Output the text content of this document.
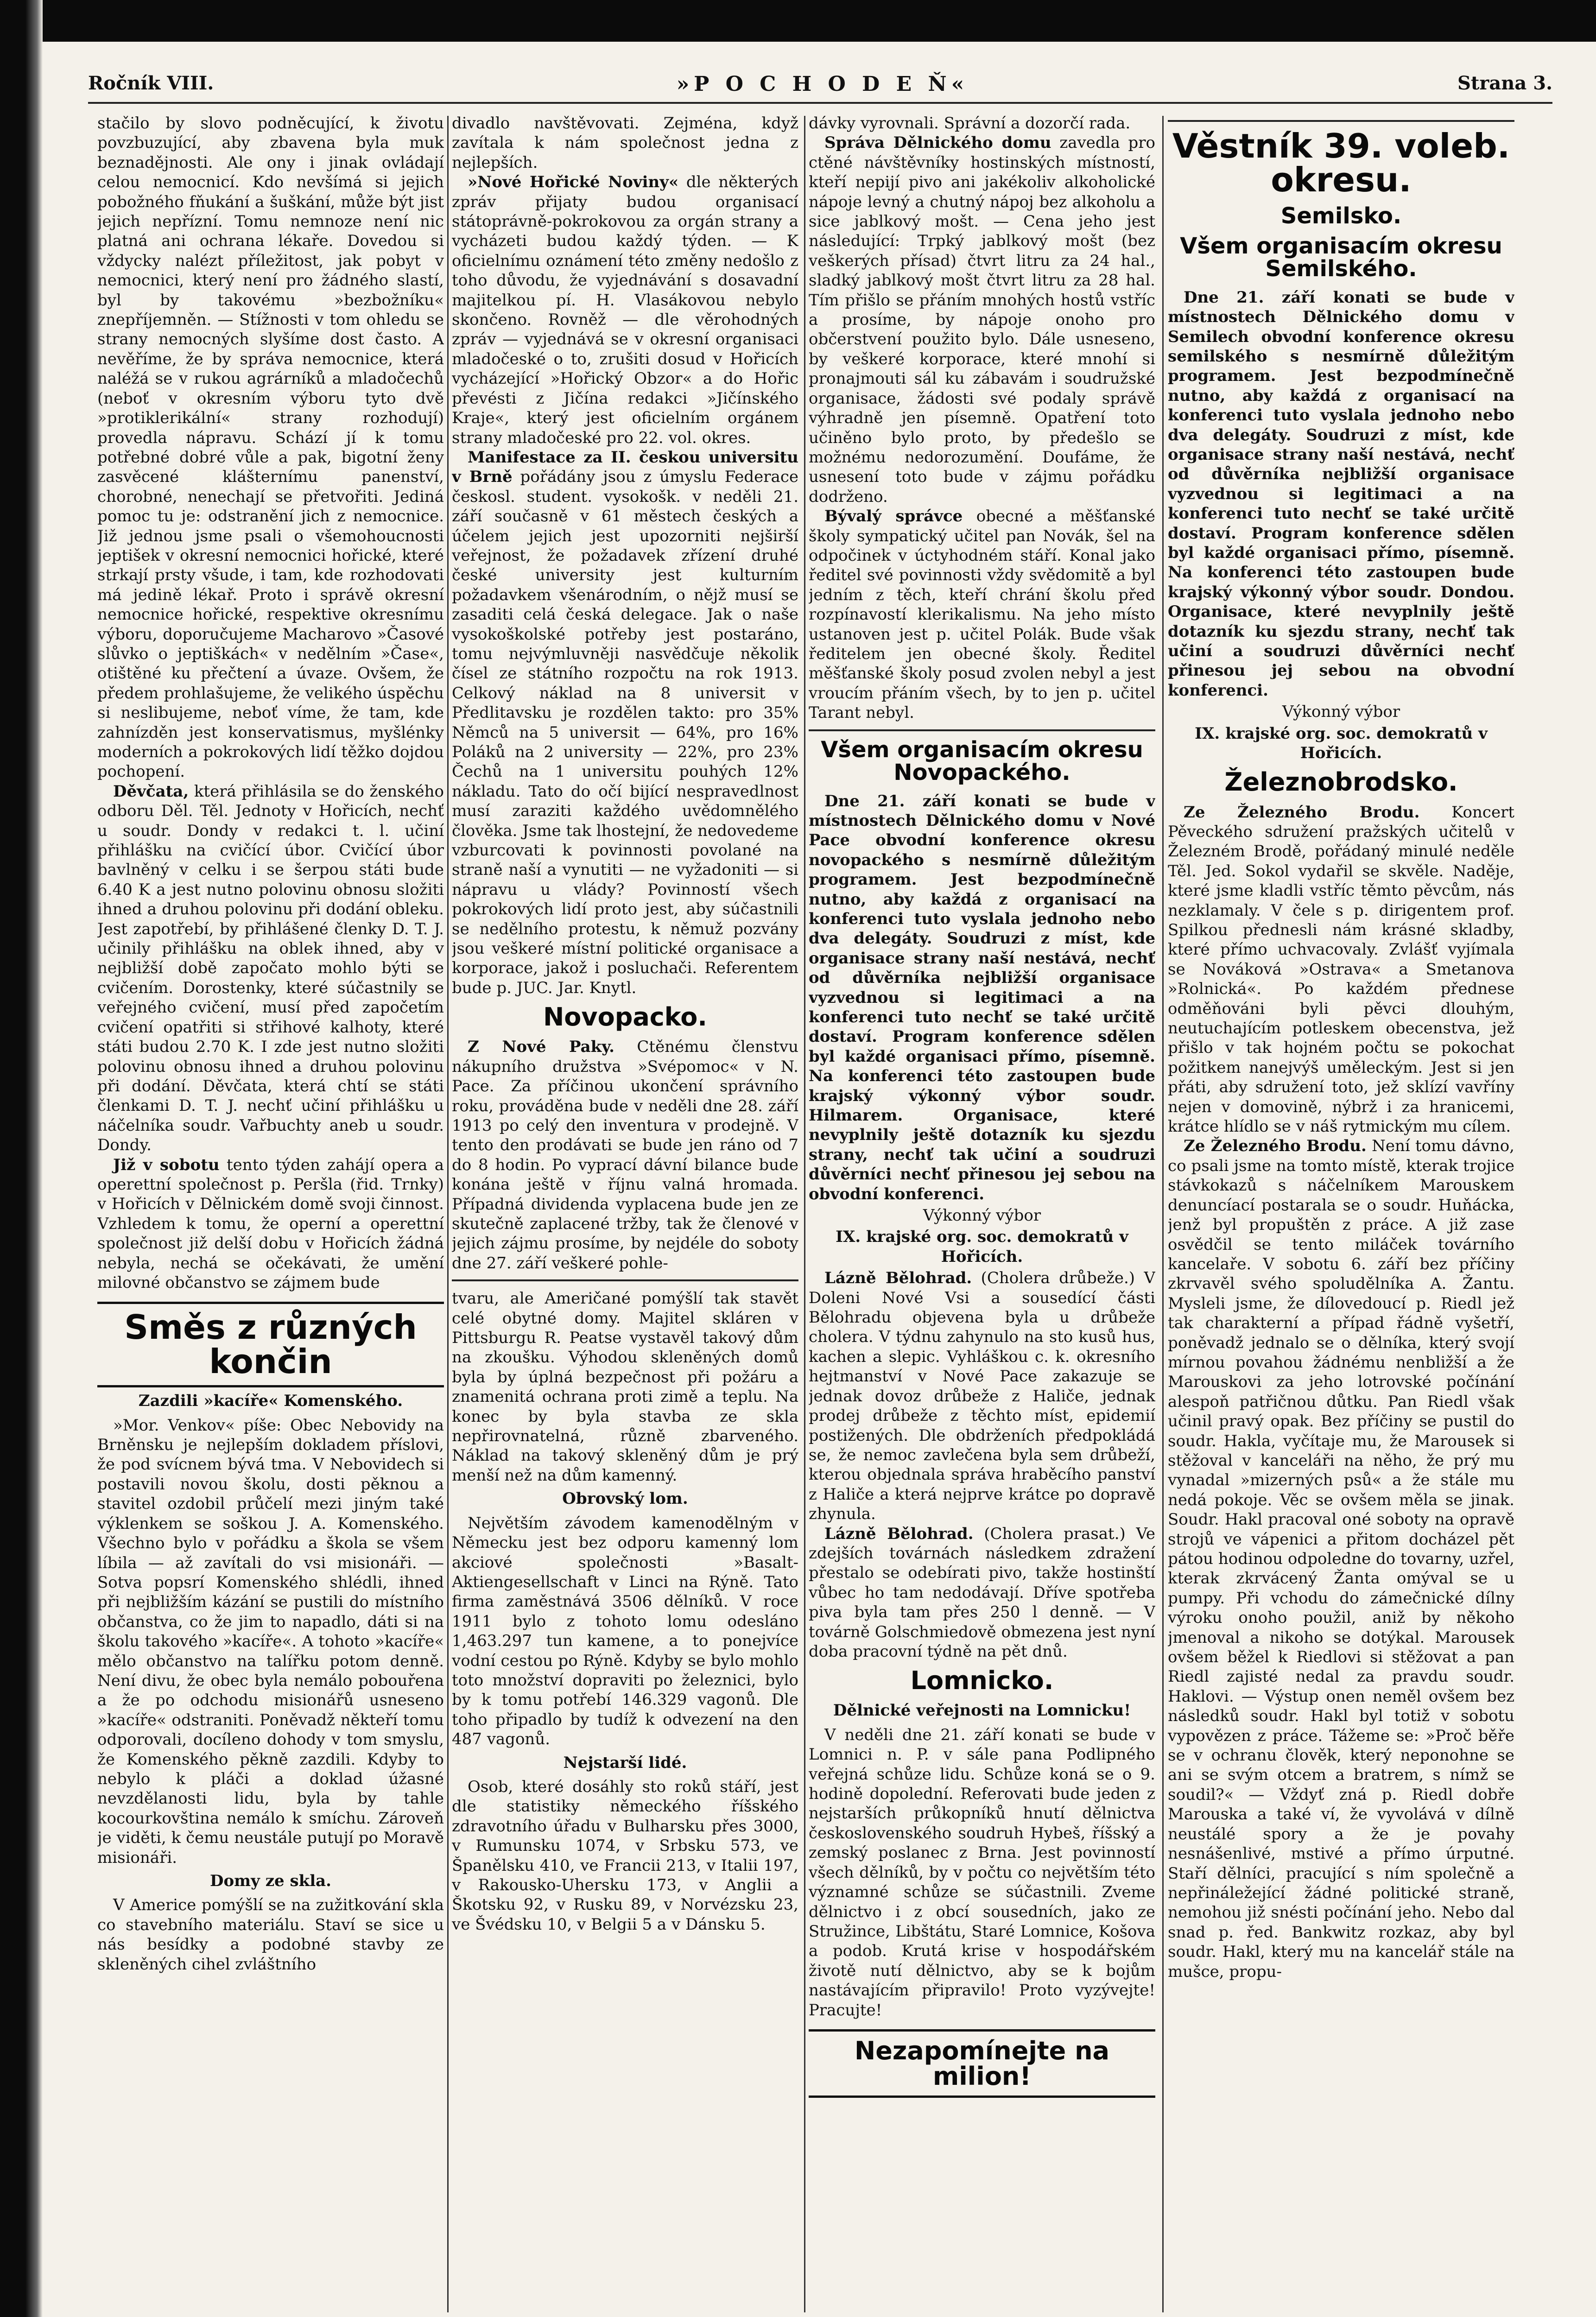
Ročník VIII.	»P O C H O D E Ň«	Strana 3.

stačilo by slovo podněcující, k životu povzbuzující, aby zbavena byla muk beznadějnosti. Ale ony i jinak ovládají celou nemocnicí. Kdo nevšímá si jejich pobožného fňukání a šuškání, může být jist jejich nepřízní. Tomu nemnoze není nic platná ani ochrana lékaře. Dovedou si vždycky nalézt příležitost, jak pobyt v nemocnici, který není pro žádného slastí, byl by takovému »bezbožníku« znepříjemněn. — Stížnosti v tom ohledu se strany nemocných slyšíme dost často. A nevěříme, že by správa nemocnice, která naléžá se v rukou agrárníků a mladočechů (neboť v okresním výboru tyto dvě »protiklerikální« strany rozhodují) provedla nápravu. Schází jí k tomu potřebné dobré vůle a pak, bigotní ženy zasvěcené klášternímu panenství, chorobné, nenechají se přetvořiti. Jediná pomoc tu je: odstranění jich z nemocnice. Již jednou jsme psali o všemohoucnosti jeptišek v okresní nemocnici hořické, které strkají prsty všude, i tam, kde rozhodovati má jedině lékař. Proto i správě okresní nemocnice hořické, respektive okresnímu výboru, doporučujeme Macharovo »Časové slůvko o jeptiškách« v nedělním »Čase«, otištěné ku přečtení a úvaze. Ovšem, že předem prohlašujeme, že velikého úspěchu si neslibujeme, neboť víme, že tam, kde zahnízděn jest konservatismus, myšlénky moderních a pokrokových lidí těžko dojdou pochopení.

Děvčata, která přihlásila se do ženského odboru Děl. Těl. Jednoty v Hořicích, nechť u soudr. Dondy v redakci t. l. učiní přihlášku na cvičící úbor. Cvičící úbor bavlněný v celku i se šerpou státi bude 6.40 K a jest nutno polovinu obnosu složiti ihned a druhou polovinu při dodání obleku. Jest zapotřebí, by přihlášené členky D. T. J. učinily přihlášku na oblek ihned, aby v nejbližší době započato mohlo býti se cvičením. Dorostenky, které súčastnily se veřejného cvičení, musí před započetím cvičení opatřiti si střihové kalhoty, které státi budou 2.70 K. I zde jest nutno složiti polovinu obnosu ihned a druhou polovinu při dodání. Děvčata, která chtí se státi členkami D. T. J. nechť učiní přihlášku u náčelníka soudr. Vařbuchty aneb u soudr. Dondy.

Již v sobotu tento týden zahájí opera a operettní společnost p. Peršla (řid. Trnky) v Hořicích v Dělnickém domě svoji činnost. Vzhledem k tomu, že operní a operettní společnost již delší dobu v Hořicích žádná nebyla, nechá se očekávati, že umění milovné občanstvo se zájmem bude

Směs z různých končin
Zazdili »kacíře« Komenského.

»Mor. Venkov« píše: Obec Nebovidy na Brněnsku je nejlepším dokladem příslovi, že pod svícnem bývá tma. V Nebovidech si postavili novou školu, dosti pěknou a stavitel ozdobil průčelí mezi jiným také výklenkem se soškou J. A. Komenského. Všechno bylo v pořádku a škola se všem líbila — až zavítali do vsi misionáři. — Sotva popsrí Komenského shlédli, ihned při nejbližším kázání se pustili do místního občanstva, co že jim to napadlo, dáti si na školu takového »kacíře«. A tohoto »kacíře« mělo občanstvo na talířku potom denně. Není divu, že obec byla nemálo pobouřena a že po odchodu misionářů usneseno »kacíře« odstraniti. Poněvadž někteří tomu odporovali, docíleno dohody v tom smyslu, že Komenského pěkně zazdili. Kdyby to nebylo k pláči a doklad úžasné nevzdělanosti lidu, byla by tahle kocourkovština nemálo k smíchu. Zároveň je viděti, k čemu neustále putují po Moravě misionáři.

Domy ze skla.

V Americe pomýšlí se na zužitkování skla co stavebního materiálu. Staví se sice u nás besídky a podobné stavby ze skleněných cihel zvláštního

divadlo navštěvovati. Zejména, když zavítala k nám společnost jedna z nejlepších.

»Nové Hořické Noviny« dle některých zpráv přijaty budou organisací státoprávně-pokrokovou za orgán strany a vycházeti budou každý týden. — K oficielnímu oznámení této změny nedošlo z toho důvodu, že vyjednávání s dosavadní majitelkou pí. H. Vlasákovou nebylo skončeno. Rovněž — dle věrohodných zpráv — vyjednává se v okresní organisaci mladočeské o to, zrušiti dosud v Hořicích vycházející »Hořický Obzor« a do Hořic převésti z Jičína redakci »Jičínského Kraje«, který jest oficielním orgánem strany mladočeské pro 22. vol. okres.

Manifestace za II. českou universitu v Brně pořádány jsou z úmyslu Federace českosl. student. vysokošk. v neděli 21. září současně v 61 městech českých a účelem jejich jest upozorniti nejširší veřejnost, že požadavek zřízení druhé české university jest kulturním požadavkem všenárodním, o nějž musí se zasaditi celá česká delegace. Jak o naše vysokoškolské potřeby jest postaráno, tomu nejvýmluvněji nasvědčuje několik čísel ze státního rozpočtu na rok 1913. Celkový náklad na 8 universit v Předlitavsku je rozdělen takto: pro 35% Němců na 5 universit — 64%, pro 16% Poláků na 2 university — 22%, pro 23% Čechů na 1 universitu pouhých 12% nákladu. Tato do očí bijící nespravedlnost musí zaraziti každého uvědomnělého člověka. Jsme tak lhostejní, že nedovedeme vzburcovati k povinnosti povolané na straně naší a vynutiti — ne vyžadoniti — si nápravu u vlády? Povinností všech pokrokových lidí proto jest, aby súčastnili se nedělního protestu, k němuž pozvány jsou veškeré místní politické organisace a korporace, jakož i posluchači. Referentem bude p. JUC. Jar. Knytl.

Novopacko.

Z Nové Paky. Ctěnému členstvu nákupního družstva »Svépomoc« v N. Pace. Za příčinou ukončení správního roku, prováděna bude v neděli dne 28. září 1913 po celý den inventura v prodejně. V tento den prodávati se bude jen ráno od 7 do 8 hodin. Po vyprací dávní bilance bude konána ještě v říjnu valná hromada. Případná dividenda vyplacena bude jen ze skutečně zaplacené tržby, tak že členové v jejich zájmu prosíme, by nejdéle do soboty dne 27. září veškeré pohle-

tvaru, ale Američané pomýšlí tak stavět celé obytné domy. Majitel skláren v Pittsburgu R. Peatse vystavěl takový dům na zkoušku. Výhodou skleněných domů byla by úplná bezpečnost při požáru a znamenitá ochrana proti zimě a teplu. Na konec by byla stavba ze skla nepřirovnatelná, různě zbarveného. Náklad na takový skleněný dům je prý menší než na dům kamenný.

Obrovský lom.

Největším závodem kamenodělným v Německu jest bez odporu kamenný lom akciové společnosti »Basalt-Aktiengesellschaft v Linci na Rýně. Tato firma zaměstnává 3506 dělníků. V roce 1911 bylo z tohoto lomu odesláno 1,463.297 tun kamene, a to ponejvíce vodní cestou po Rýně. Kdyby se bylo mohlo toto množství dopraviti po železnici, bylo by k tomu potřebí 146.329 vagonů. Dle toho připadlo by tudíž k odvezení na den 487 vagonů.

Nejstarší lidé.

Osob, které dosáhly sto roků stáří, jest dle statistiky německého říšského zdravotního úřadu v Bulharsku přes 3000, v Rumunsku 1074, v Srbsku 573, ve Španělsku 410, ve Francii 213, v Italii 197, v Rakousko-Uhersku 173, v Anglii a Škotsku 92, v Rusku 89, v Norvézsku 23, ve Švédsku 10, v Belgii 5 a v Dánsku 5.

dávky vyrovnali. Správní a dozorčí rada.

Správa Dělnického domu zavedla pro ctěné návštěvníky hostinských místností, kteří nepijí pivo ani jakékoliv alkoholické nápoje levný a chutný nápoj bez alkoholu a sice jablkový mošt. — Cena jeho jest následující: Trpký jablkový mošt (bez veškerých přísad) čtvrt litru za 24 hal., sladký jablkový mošt čtvrt litru za 28 hal. Tím přišlo se přáním mnohých hostů vstříc a prosíme, by nápoje onoho pro občerstvení použito bylo. Dále usneseno, by veškeré korporace, které mnohí si pronajmouti sál ku zábavám i soudružské organisace, žádosti své podaly správě výhradně jen písemně. Opatření toto učiněno bylo proto, by předešlo se možnému nedorozumění. Doufáme, že usnesení toto bude v zájmu pořádku dodrženo.

Bývalý správce obecné a měšťanské školy sympatický učitel pan Novák, šel na odpočinek v úctyhodném stáří. Konal jako ředitel své povinnosti vždy svědomitě a byl jedním z těch, kteří chrání školu před rozpínavostí klerikalismu. Na jeho místo ustanoven jest p. učitel Polák. Bude však ředitelem jen obecné školy. Ředitel měšťanské školy posud zvolen nebyl a jest vroucím přáním všech, by to jen p. učitel Tarant nebyl.

Všem organisacím okresu Novopackého.

Dne 21. září konati se bude v místnostech Dělnického domu v Nové Pace obvodní konference okresu novopackého s nesmírně důležitým programem. Jest bezpodmínečně nutno, aby každá z organisací na konferenci tuto vyslala jednoho nebo dva delegáty. Soudruzi z míst, kde organisace strany naší nestává, nechť od důvěrníka nejbližší organisace vyzvednou si legitimaci a na konferenci tuto nechť se také určitě dostaví. Program konference sdělen byl každé organisaci přímo, písemně. Na konferenci této zastoupen bude krajský výkonný výbor soudr. Hilmarem. Organisace, které nevyplnily ještě dotazník ku sjezdu strany, nechť tak učiní a soudruzi důvěrníci nechť přinesou jej sebou na obvodní konferenci.

Výkonný výbor
IX. krajské org. soc. demokratů v Hořicích.

Lázně Bělohrad. (Cholera drůbeže.) V Doleni Nové Vsi a sousedící části Bělohradu objevena byla u drůbeže cholera. V týdnu zahynulo na sto kusů hus, kachen a slepic. Vyhláškou c. k. okresního hejtmanství v Nové Pace zakazuje se jednak dovoz drůbeže z Haliče, jednak prodej drůbeže z těchto míst, epidemií postižených. Dle obdrženích předpokládá se, že nemoc zavlečena byla sem drůbeží, kterou objednala správa hraběcího panství z Haliče a která nejprve krátce po dopravě zhynula.

Lázně Bělohrad. (Cholera prasat.) Ve zdejších továrnách následkem zdražení přestalo se odebírati pivo, takže hostinští vůbec ho tam nedodávají. Dříve spotřeba piva byla tam přes 250 l denně. — V továrně Golschmiedově obmezena jest nyní doba pracovní týdně na pět dnů.

Lomnicko.
Dělnické veřejnosti na Lomnicku!

V neděli dne 21. září konati se bude v Lomnici n. P. v sále pana Podlipného veřejná schůze lidu. Schůze koná se o 9. hodině dopolední. Referovati bude jeden z nejstarších průkopníků hnutí dělnictva československého soudruh Hybeš, říšský a zemský poslanec z Brna. Jest povinností všech dělníků, by v počtu co největším této významné schůze se súčastnili. Zveme dělnictvo i z obcí sousedních, jako ze Stružince, Libštátu, Staré Lomnice, Košova a podob. Krutá krise v hospodářském životě nutí dělnictvo, aby se k bojům nastávajícím připravilo! Proto vyzývejte! Pracujte!

Nezapomínejte na milion!
Věstník 39. voleb. okresu.
Semilsko.
Všem organisacím okresu Semilského.

Dne 21. září konati se bude v místnostech Dělnického domu v Semilech obvodní konference okresu semilského s nesmírně důležitým programem. Jest bezpodmínečně nutno, aby každá z organisací na konferenci tuto vyslala jednoho nebo dva delegáty. Soudruzi z míst, kde organisace strany naší nestává, nechť od důvěrníka nejbližší organisace vyzvednou si legitimaci a na konferenci tuto nechť se také určitě dostaví. Program konference sdělen byl každé organisaci přímo, písemně. Na konferenci této zastoupen bude krajský výkonný výbor soudr. Dondou. Organisace, které nevyplnily ještě dotazník ku sjezdu strany, nechť tak učiní a soudruzi důvěrníci nechť přinesou jej sebou na obvodní konferenci.

Výkonný výbor
IX. krajské org. soc. demokratů v Hořicích.
Železnobrodsko.

Ze Železného Brodu. Koncert Pěveckého sdružení pražských učitelů v Železném Brodě, pořádaný minulé neděle Těl. Jed. Sokol vydařil se skvěle. Naděje, které jsme kladli vstříc těmto pěvcům, nás nezklamaly. V čele s p. dirigentem prof. Spilkou přednesli nám krásné skladby, které přímo uchvacovaly. Zvlášť vyjímala se Nováková »Ostrava« a Smetanova »Rolnická«. Po každém přednese odměňováni byli pěvci dlouhým, neutuchajícím potleskem obecenstva, jež přišlo v tak hojném počtu se pokochat požitkem nanejvýš uměleckým. Jest si jen přáti, aby sdružení toto, jež sklízí vavříny nejen v domovině, nýbrž i za hranicemi, krátce hlídlo se v náš rytmickým mu cílem.

Ze Železného Brodu. Není tomu dávno, co psali jsme na tomto místě, kterak trojice stávkokazů s náčelníkem Marouskem denuncíací postarala se o soudr. Huňácka, jenž byl propuštěn z práce. A již zase osvědčil se tento miláček továrního kancelaře. V sobotu 6. září bez příčiny zkrvavěl svého spoludělníka A. Žantu. Mysleli jsme, že dílovedoucí p. Riedl jež tak charakterní a případ řádně vyšetří, poněvadž jednalo se o dělníka, který svojí mírnou povahou žádnému nenbližší a že Marouskovi za jeho lotrovské počínání alespoň patřičnou důtku. Pan Riedl však učinil pravý opak. Bez příčiny se pustil do soudr. Hakla, vyčítaje mu, že Marousek si stěžoval v kanceláři na něho, že prý mu vynadal »mizerných psů« a že stále mu nedá pokoje. Věc se ovšem měla se jinak. Soudr. Hakl pracoval oné soboty na opravě strojů ve vápenici a přitom docházel pět pátou hodinou odpoledne do tovarny, uzřel, kterak zkrvácený Žanta omýval se u pumpy. Při vchodu do zámečnické dílny výroku onoho použil, aniž by někoho jmenoval a nikoho se dotýkal. Marousek ovšem běžel k Riedlovi si stěžovat a pan Riedl zajisté nedal za pravdu soudr. Haklovi. — Výstup onen neměl ovšem bez následků soudr. Hakl byl totiž v sobotu vypovězen z práce. Tážeme se: »Proč běře se v ochranu člověk, který neponohne se ani se svým otcem a bratrem, s nímž se soudil?« — Vždyť zná p. Riedl dobře Marouska a také ví, že vyvolává v dílně neustálé spory a že je povahy nesnášenlivé, mstivé a přímo úrputné. Staří dělníci, pracující s ním společně a nepřináležející žádné politické straně, nemohou již snésti počínání jeho. Nebo dal snad p. řed. Bankwitz rozkaz, aby byl soudr. Hakl, který mu na kancelář stále na mušce, propu-
